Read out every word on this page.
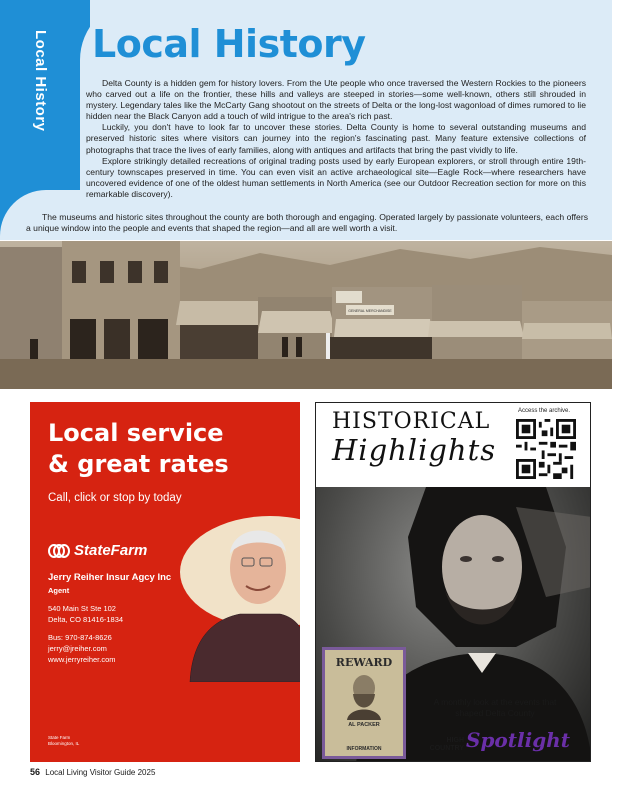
Local History Local History

Delta County is a hidden gem for history lovers. From the Ute people who once traversed the Western Rockies to the pioneers who carved out a life on the frontier, these hills and valleys are steeped in stories—some well-known, others still shrouded in mystery. Legendary tales like the McCarty Gang shootout on the streets of Delta or the long-lost wagonload of dimes rumored to lie hidden near the Black Canyon add a touch of wild intrigue to the area's rich past.

Luckily, you don't have to look far to uncover these stories. Delta County is home to several outstanding museums and preserved historic sites where visitors can journey into the region's fascinating past. Many feature extensive collections of photographs that trace the lives of early families, along with antiques and artifacts that bring the past vividly to life.

Explore strikingly detailed recreations of original trading posts used by early European explorers, or stroll through entire 19th-century townscapes preserved in time. You can even visit an active archaeological site—Eagle Rock—where researchers have uncovered evidence of one of the oldest human settlements in North America (see our Outdoor Recreation section for more on this remarkable discovery).

The museums and historic sites throughout the county are both thorough and engaging. Operated largely by passionate volunteers, each offers a unique window into the people and events that shaped the region—and all are well worth a visit.

GENERAL MERCHANDISE
Local service
& great rates
Call, click or stop by today
StateFarm
Jerry Reiher Insur Agcy Inc
Agent
540 Main St Ste 102
Delta, CO 81416-1834
Bus: 970-874-8626
jerry@jreiher.com
www.jerryreiher.com
State Farm
Bloomington, IL
HISTORICAL
Highlights
Access the archive.
REWARD
AL PACKER
INFORMATION
A monthly look at the events that shaped Delta County
HIGH COUNTRY Spotlight
56 Local Living Visitor Guide 2025
